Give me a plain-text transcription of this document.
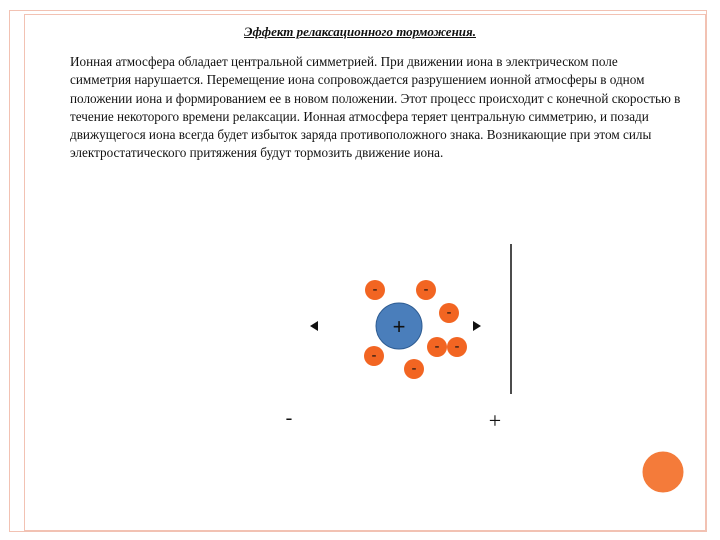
Эффект релаксационного торможения.
Ионная атмосфера обладает центральной симметрией. При движении иона в электрическом поле симметрия нарушается. Перемещение иона сопровождается разрушением ионной атмосферы в одном положении иона и формированием ее в новом положении. Этот процесс происходит с конечной скоростью в течение некоторого времени релаксации. Ионная атмосфера теряет центральную симметрию, и позади движущегося иона всегда будет избыток заряда противоположного знака. Возникающие при этом силы электростатического притяжения будут тормозить движение иона.
+
-	-
-
- -
-
-
-	+
